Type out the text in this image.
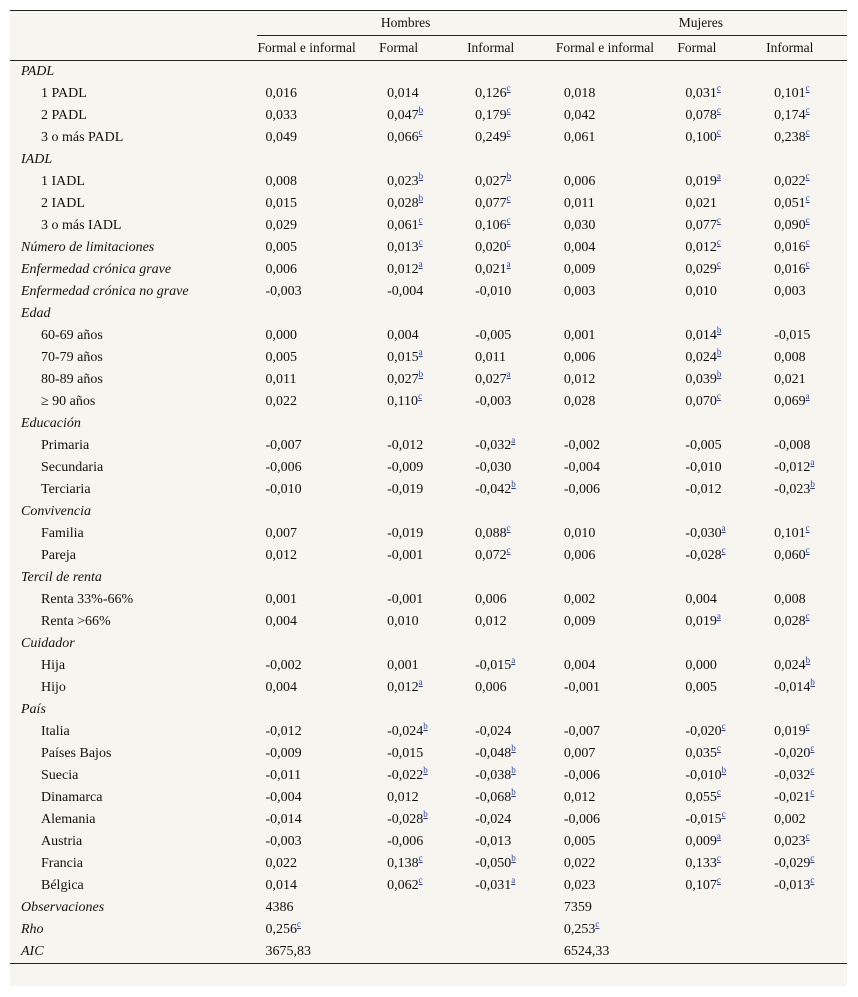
	Hombres			Mujeres		
	Formal e informal	Formal	Informal	Formal e informal	Formal	Informal
PADL						
1 PADL	0,016	0,014	0,126$^c$	0,018	0,031$^c$	0,101$^c$
2 PADL	0,033	0,047$^b$	0,179$^c$	0,042	0,078$^c$	0,174$^c$
3 o más PADL	0,049	0,066$^c$	0,249$^c$	0,061	0,100$^c$	0,238$^c$
IADL						
1 IADL	0,008	0,023$^b$	0,027$^b$	0,006	0,019$^a$	0,022$^c$
2 IADL	0,015	0,028$^b$	0,077$^c$	0,011	0,021	0,051$^c$
3 o más IADL	0,029	0,061$^c$	0,106$^c$	0,030	0,077$^c$	0,090$^c$
Número de limitaciones	0,005	0,013$^c$	0,020$^c$	0,004	0,012$^c$	0,016$^c$
Enfermedad crónica grave	0,006	0,012$^a$	0,021$^a$	0,009	0,029$^c$	0,016$^c$
Enfermedad crónica no grave	-0,003	-0,004	-0,010	0,003	0,010	0,003
Edad						
60-69 años	0,000	0,004	-0,005	0,001	0,014$^b$	-0,015
70-79 años	0,005	0,015$^a$	0,011	0,006	0,024$^b$	0,008
80-89 años	0,011	0,027$^b$	0,027$^a$	0,012	0,039$^b$	0,021
≥ 90 años	0,022	0,110$^c$	-0,003	0,028	0,070$^c$	0,069$^a$
Educación						
Primaria	-0,007	-0,012	-0,032$^a$	-0,002	-0,005	-0,008
Secundaria	-0,006	-0,009	-0,030	-0,004	-0,010	-0,012$^a$
Terciaria	-0,010	-0,019	-0,042$^b$	-0,006	-0,012	-0,023$^b$
Convivencia						
Familia	0,007	-0,019	0,088$^c$	0,010	-0,030$^a$	0,101$^c$
Pareja	0,012	-0,001	0,072$^c$	0,006	-0,028$^c$	0,060$^c$
Tercil de renta						
Renta 33%-66%	0,001	-0,001	0,006	0,002	0,004	0,008
Renta >66%	0,004	0,010	0,012	0,009	0,019$^a$	0,028$^c$
Cuidador						
Hija	-0,002	0,001	-0,015$^a$	0,004	0,000	0,024$^b$
Hijo	0,004	0,012$^a$	0,006	-0,001	0,005	-0,014$^b$
País						
Italia	-0,012	-0,024$^b$	-0,024	-0,007	-0,020$^c$	0,019$^c$
Países Bajos	-0,009	-0,015	-0,048$^b$	0,007	0,035$^c$	-0,020$^c$
Suecia	-0,011	-0,022$^b$	-0,038$^b$	-0,006	-0,010$^b$	-0,032$^c$
Dinamarca	-0,004	0,012	-0,068$^b$	0,012	0,055$^c$	-0,021$^c$
Alemania	-0,014	-0,028$^b$	-0,024	-0,006	-0,015$^c$	0,002
Austria	-0,003	-0,006	-0,013	0,005	0,009$^a$	0,023$^c$
Francia	0,022	0,138$^c$	-0,050$^b$	0,022	0,133$^c$	-0,029$^c$
Bélgica	0,014	0,062$^c$	-0,031$^a$	0,023	0,107$^c$	-0,013$^c$
Observaciones	4386			7359		
Rho	0,256$^c$			0,253$^c$		
AIC	3675,83			6524,33		
